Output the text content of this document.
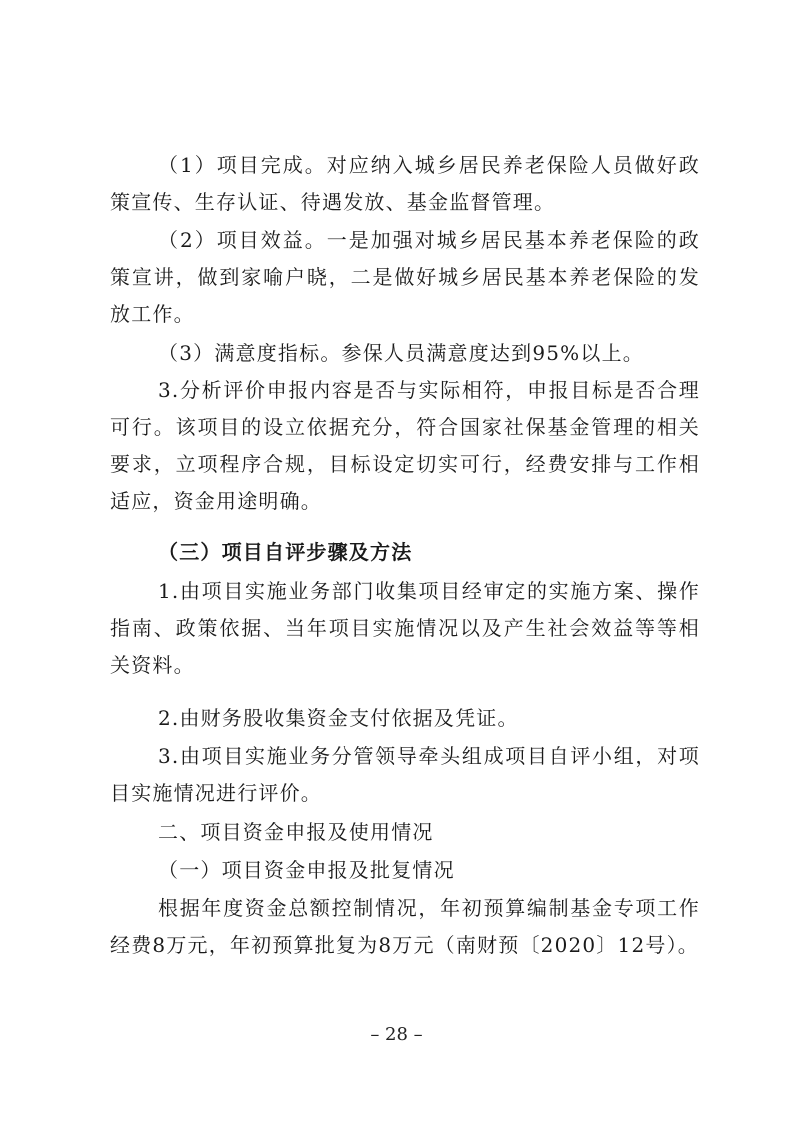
（1）项目完成。对应纳入城乡居民养老保险人员做好政策宣传、生存认证、待遇发放、基金监督管理。

（2）项目效益。一是加强对城乡居民基本养老保险的政策宣讲，做到家喻户晓，二是做好城乡居民基本养老保险的发放工作。

（3）满意度指标。参保人员满意度达到95%以上。

3.分析评价申报内容是否与实际相符，申报目标是否合理可行。该项目的设立依据充分，符合国家社保基金管理的相关要求，立项程序合规，目标设定切实可行，经费安排与工作相适应，资金用途明确。

（三）项目自评步骤及方法

1.由项目实施业务部门收集项目经审定的实施方案、操作指南、政策依据、当年项目实施情况以及产生社会效益等等相关资料。

2.由财务股收集资金支付依据及凭证。

3.由项目实施业务分管领导牵头组成项目自评小组，对项目实施情况进行评价。

二、项目资金申报及使用情况

（一）项目资金申报及批复情况

根据年度资金总额控制情况，年初预算编制基金专项工作经费8万元，年初预算批复为8万元（南财预〔2020〕12号）。

– 28 –
